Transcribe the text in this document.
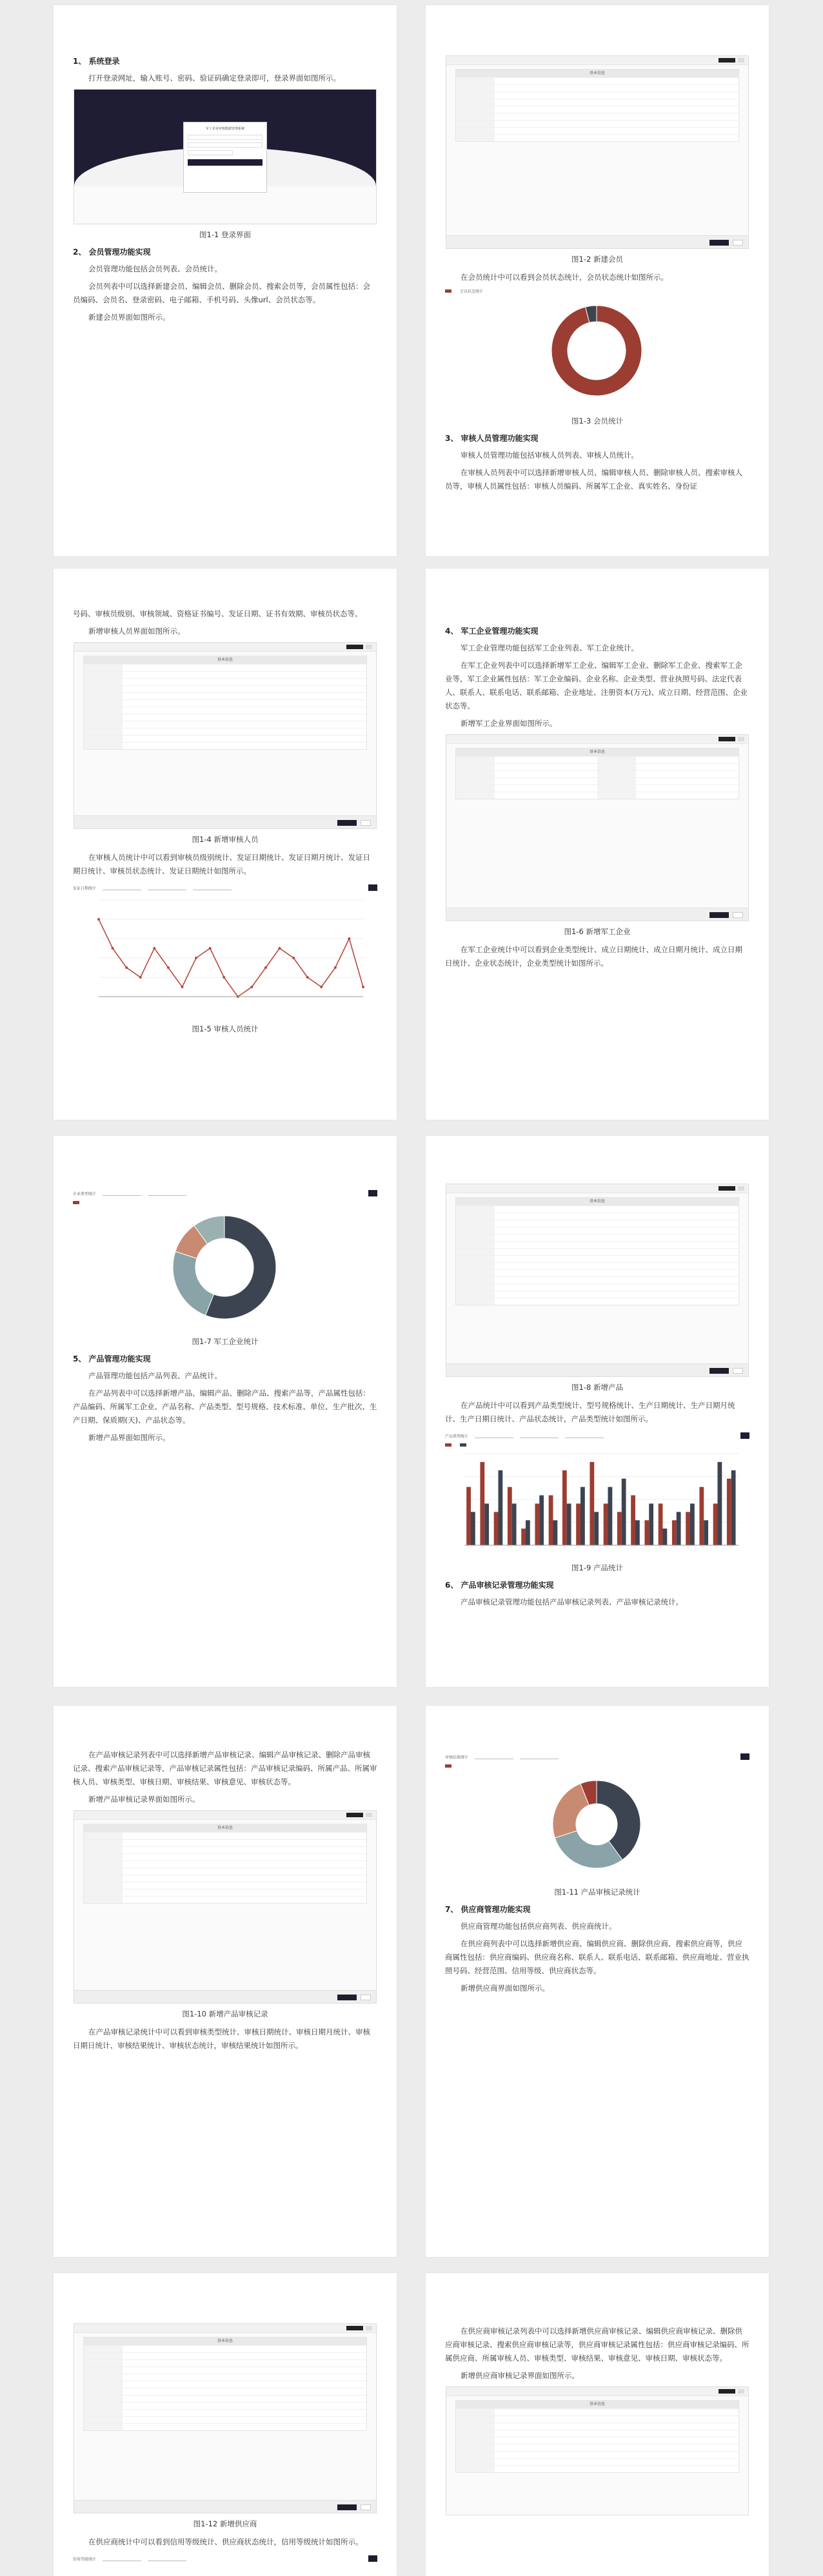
1、 系统登录
打开登录网址，输入账号、密码、验证码确定登录即可，登录界面如图所示。
军工企业审核数据管理系统
图1-1 登录界面
2、 会员管理功能实现
会员管理功能包括会员列表、会员统计。
会员列表中可以选择新建会员、编辑会员、删除会员、搜索会员等，会员属性包括：会员编码、会员名、登录密码、电子邮箱、手机号码、头像url、会员状态等。
新建会员界面如图所示。
基本信息
图1-2 新建会员
在会员统计中可以看到会员状态统计，会员状态统计如图所示。
会员状态统计
图1-3 会员统计
3、 审核人员管理功能实现
审核人员管理功能包括审核人员列表、审核人员统计。
在审核人员列表中可以选择新增审核人员、编辑审核人员、删除审核人员、搜索审核人员等，审核人员属性包括：审核人员编码、所属军工企业、真实姓名、身份证
号码、审核员级别、审核领域、资格证书编号、发证日期、证书有效期、审核员状态等。
新增审核人员界面如图所示。
基本信息
图1-4 新增审核人员
在审核人员统计中可以看到审核员级别统计、发证日期统计、发证日期月统计、发证日期日统计、审核员状态统计、发证日期统计如图所示。
发证日期统计
图1-5 审核人员统计
4、 军工企业管理功能实现
军工企业管理功能包括军工企业列表、军工企业统计。
在军工企业列表中可以选择新增军工企业、编辑军工企业、删除军工企业、搜索军工企业等，军工企业属性包括：军工企业编码、企业名称、企业类型、营业执照号码、法定代表人、联系人、联系电话、联系邮箱、企业地址、注册资本(万元)、成立日期、经营范围、企业状态等。
新增军工企业界面如图所示。
基本信息
图1-6 新增军工企业
在军工企业统计中可以看到企业类型统计、成立日期统计、成立日期月统计、成立日期日统计、企业状态统计，企业类型统计如图所示。
企业类型统计
图1-7 军工企业统计
5、 产品管理功能实现
产品管理功能包括产品列表、产品统计。
在产品列表中可以选择新增产品、编辑产品、删除产品、搜索产品等，产品属性包括：产品编码、所属军工企业、产品名称、产品类型、型号规格、技术标准、单位、生产批次、生产日期、保质期(天)、产品状态等。
新增产品界面如图所示。
基本信息
图1-8 新增产品
在产品统计中可以看到产品类型统计、型号规格统计、生产日期统计、生产日期月统计、生产日期日统计、产品状态统计，产品类型统计如图所示。
产品类型统计
图1-9 产品统计
6、 产品审核记录管理功能实现
产品审核记录管理功能包括产品审核记录列表、产品审核记录统计。
在产品审核记录列表中可以选择新增产品审核记录、编辑产品审核记录、删除产品审核记录、搜索产品审核记录等，产品审核记录属性包括：产品审核记录编码、所属产品、所属审核人员、审核类型、审核日期、审核结果、审核意见、审核状态等。
新增产品审核记录界面如图所示。
基本信息
图1-10 新增产品审核记录
在产品审核记录统计中可以看到审核类型统计、审核日期统计、审核日期月统计、审核日期日统计、审核结果统计、审核状态统计，审核结果统计如图所示。
审核结果统计
图1-11 产品审核记录统计
7、 供应商管理功能实现
供应商管理功能包括供应商列表、供应商统计。
在供应商列表中可以选择新增供应商、编辑供应商、删除供应商、搜索供应商等，供应商属性包括：供应商编码、供应商名称、联系人、联系电话、联系邮箱、供应商地址、营业执照号码、经营范围、信用等级、供应商状态等。
新增供应商界面如图所示。
基本信息
图1-12 新增供应商
在供应商统计中可以看到信用等级统计、供应商状态统计，信用等级统计如图所示。
信用等级统计
在供应商审核记录列表中可以选择新增供应商审核记录、编辑供应商审核记录、删除供应商审核记录、搜索供应商审核记录等，供应商审核记录属性包括：供应商审核记录编码、所属供应商、所属审核人员、审核类型、审核结果、审核意见、审核日期、审核状态等。
新增供应商审核记录界面如图所示。
基本信息
